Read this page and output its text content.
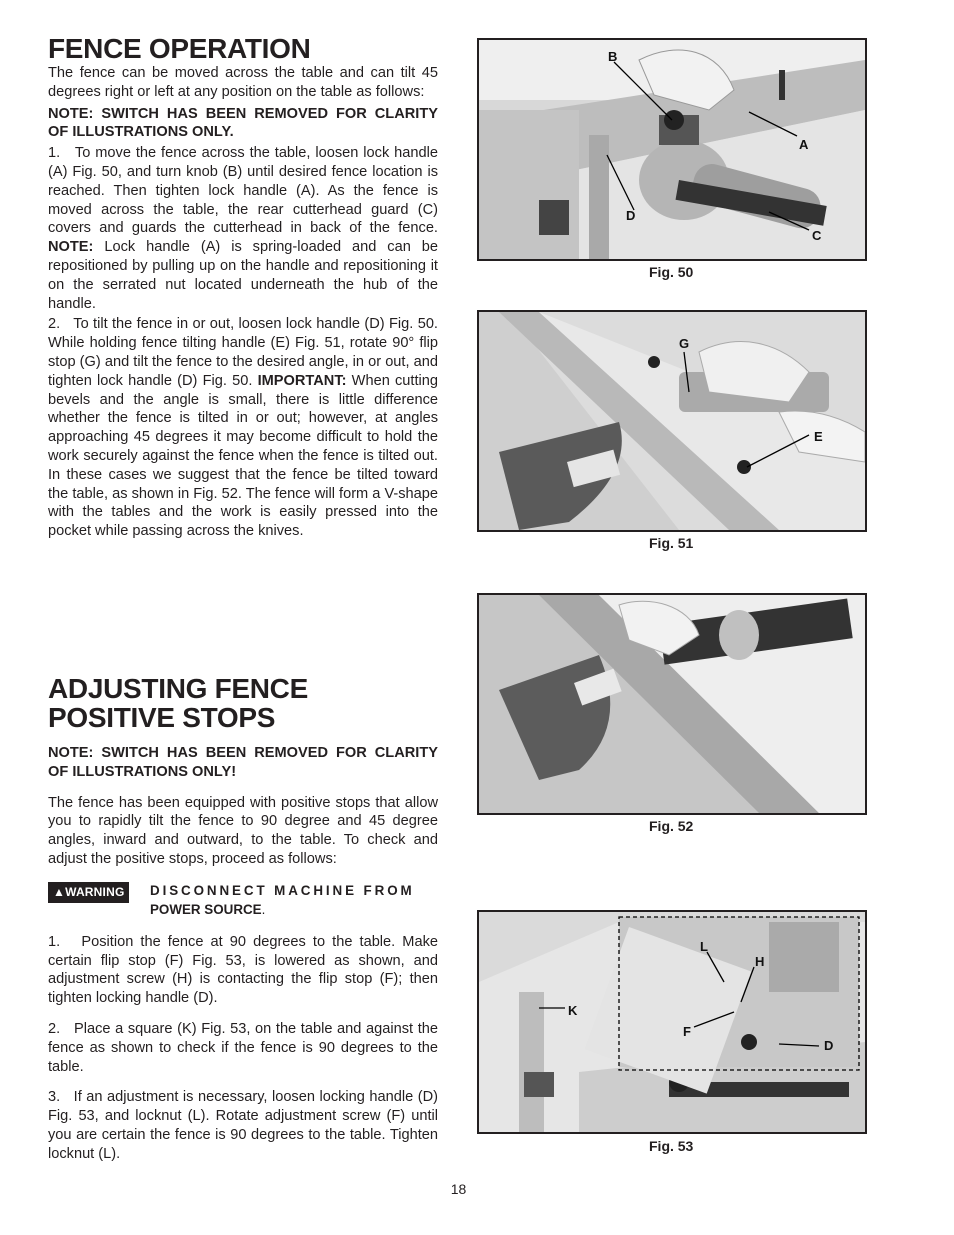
FENCE OPERATION

The fence can be moved across the table and can tilt 45 degrees right or left at any position on the table as follows:

NOTE: SWITCH HAS BEEN REMOVED FOR CLARITY OF ILLUSTRATIONS ONLY.

1.   To move the fence across the table, loosen lock handle (A) Fig. 50, and turn knob (B) until desired fence location is reached. Then tighten lock handle (A). As the fence is moved across the table, the rear cutterhead guard (C) covers and guards the cutterhead in back of the fence. NOTE: Lock handle (A) is spring-loaded and can be repositioned by pulling up on the handle and repositioning it on the serrated nut located underneath the hub of the handle.

2.   To tilt the fence in or out, loosen lock handle (D) Fig. 50. While holding fence tilting handle (E) Fig. 51, rotate 90° flip stop (G) and tilt the fence to the desired angle, in or out, and tighten lock handle (D) Fig. 50. IMPORTANT: When cutting bevels and the angle is small, there is little difference whether the fence is tilted in or out; however, at angles approaching 45 degrees it may become difficult to hold the work securely against the fence when the fence is tilted out. In these cases we suggest that the fence be tilted toward the table, as shown in Fig. 52. The fence will form a V-shape with the tables and the work is easily pressed into the pocket while passing across the knives.

ADJUSTING FENCE
POSITIVE STOPS

NOTE: SWITCH HAS BEEN REMOVED FOR CLARITY OF ILLUSTRATIONS ONLY!

The fence has been equipped with positive stops that allow you to rapidly tilt the fence to 90 degree and 45 degree angles, inward and outward, to the table. To check and adjust the positive stops, proceed as follows:

▲WARNING	DISCONNECT MACHINE FROM
POWER SOURCE.

1.   Position the fence at 90 degrees to the table. Make certain flip stop (F) Fig. 53, is lowered as shown, and adjustment screw (H) is contacting the flip stop (F); then tighten locking handle (D).

2.   Place a square (K) Fig. 53, on the table and against the fence as shown to check if the fence is 90 degrees to the table.

3.   If an adjustment is necessary, loosen locking handle (D) Fig. 53, and locknut (L). Rotate adjustment screw (F) until you are certain the fence is 90 degrees to the table. Tighten locknut (L).

B
A
D
C
Fig. 50
G
E
Fig. 51
Fig. 52
L
H
K
F
D
Fig. 53
18
